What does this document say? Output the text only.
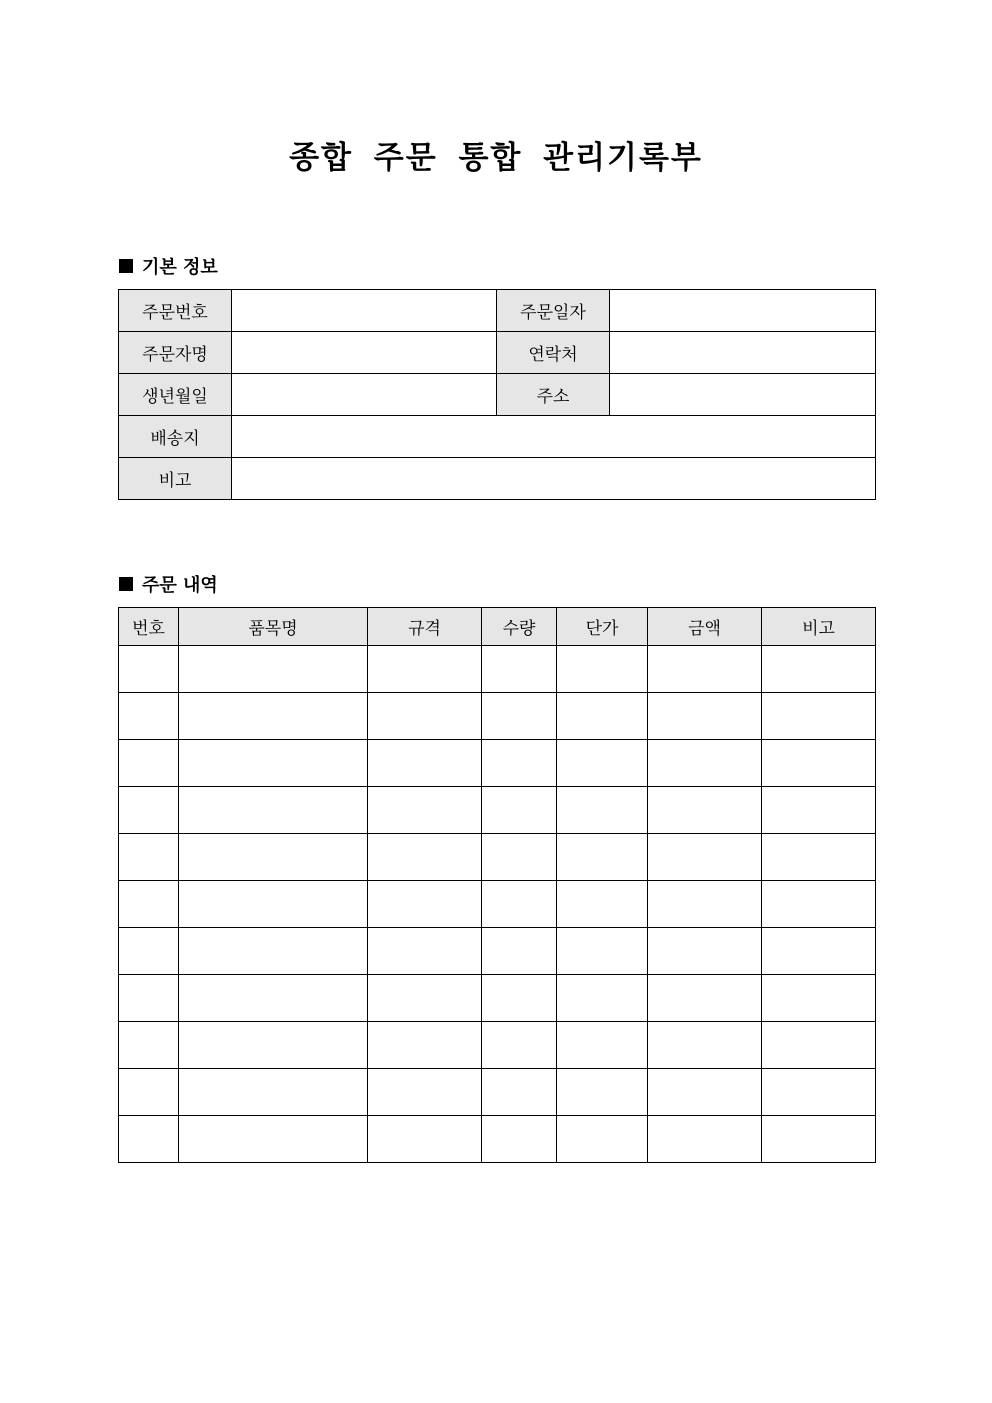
종합 주문 통합 관리기록부
기본 정보
주문번호		주문일자	
주문자명		연락처	
생년월일		주소	
배송지			
비고			
주문 내역
번호	품목명	규격	수량	단가	금액	비고
